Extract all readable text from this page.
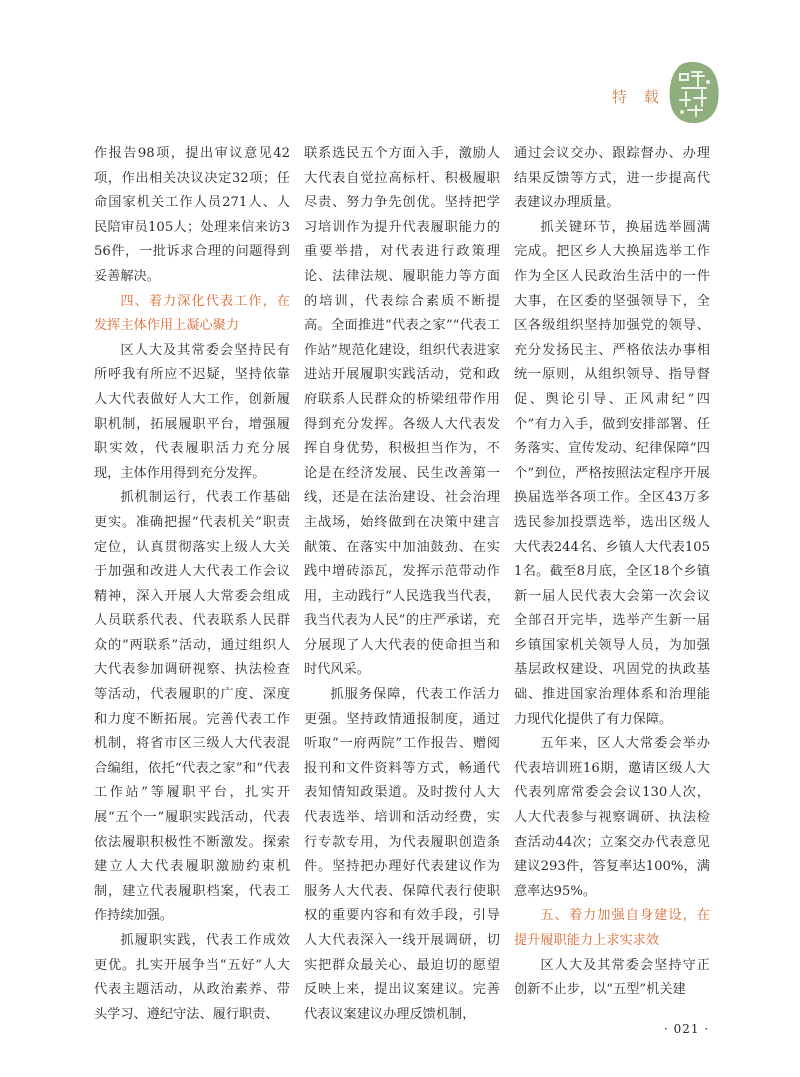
特 载

作报告98项，提出审议意见42项，作出相关决议决定32项；任命国家机关工作人员271人、人民陪审员105人；处理来信来访356件，一批诉求合理的问题得到妥善解决。

四、着力深化代表工作，在发挥主体作用上凝心聚力

区人大及其常委会坚持民有所呼我有所应不迟疑，坚持依靠人大代表做好人大工作，创新履职机制，拓展履职平台，增强履职实效，代表履职活力充分展现，主体作用得到充分发挥。

抓机制运行，代表工作基础更实。准确把握“代表机关”职责定位，认真贯彻落实上级人大关于加强和改进人大代表工作会议精神，深入开展人大常委会组成人员联系代表、代表联系人民群众的“两联系”活动，通过组织人大代表参加调研视察、执法检查等活动，代表履职的广度、深度和力度不断拓展。完善代表工作机制，将省市区三级人大代表混合编组，依托“代表之家”和“代表工作站”等履职平台，扎实开展“五个一”履职实践活动，代表依法履职积极性不断激发。探索建立人大代表履职激励约束机制，建立代表履职档案，代表工作持续加强。

抓履职实践，代表工作成效更优。扎实开展争当“五好”人大代表主题活动，从政治素养、带头学习、遵纪守法、履行职责、

联系选民五个方面入手，激励人大代表自觉拉高标杆、积极履职尽责、努力争先创优。坚持把学习培训作为提升代表履职能力的重要举措，对代表进行政策理论、法律法规、履职能力等方面的培训，代表综合素质不断提高。全面推进“代表之家”“代表工作站”规范化建设，组织代表进家进站开展履职实践活动，党和政府联系人民群众的桥梁纽带作用得到充分发挥。各级人大代表发挥自身优势，积极担当作为，不论是在经济发展、民生改善第一线，还是在法治建设、社会治理主战场，始终做到在决策中建言献策、在落实中加油鼓劲、在实践中增砖添瓦，发挥示范带动作用，主动践行“人民选我当代表，我当代表为人民”的庄严承诺，充分展现了人大代表的使命担当和时代风采。

抓服务保障，代表工作活力更强。坚持政情通报制度，通过听取“一府两院”工作报告、赠阅报刊和文件资料等方式，畅通代表知情知政渠道。及时拨付人大代表选举、培训和活动经费，实行专款专用，为代表履职创造条件。坚持把办理好代表建议作为服务人大代表、保障代表行使职权的重要内容和有效手段，引导人大代表深入一线开展调研，切实把群众最关心、最迫切的愿望反映上来，提出议案建议。完善代表议案建议办理反馈机制，

通过会议交办、跟踪督办、办理结果反馈等方式，进一步提高代表建议办理质量。

抓关键环节，换届选举圆满完成。把区乡人大换届选举工作作为全区人民政治生活中的一件大事，在区委的坚强领导下，全区各级组织坚持加强党的领导、充分发扬民主、严格依法办事相统一原则，从组织领导、指导督促、舆论引导、正风肃纪“四个”有力入手，做到安排部署、任务落实、宣传发动、纪律保障“四个”到位，严格按照法定程序开展换届选举各项工作。全区43万多选民参加投票选举，选出区级人大代表244名、乡镇人大代表1051名。截至8月底，全区18个乡镇新一届人民代表大会第一次会议全部召开完毕，选举产生新一届乡镇国家机关领导人员，为加强基层政权建设、巩固党的执政基础、推进国家治理体系和治理能力现代化提供了有力保障。

五年来，区人大常委会举办代表培训班16期，邀请区级人大代表列席常委会会议130人次，人大代表参与视察调研、执法检查活动44次；立案交办代表意见建议293件，答复率达100%，满意率达95%。

五、着力加强自身建设，在提升履职能力上求实求效

区人大及其常委会坚持守正创新不止步，以“五型”机关建

· 021 ·
